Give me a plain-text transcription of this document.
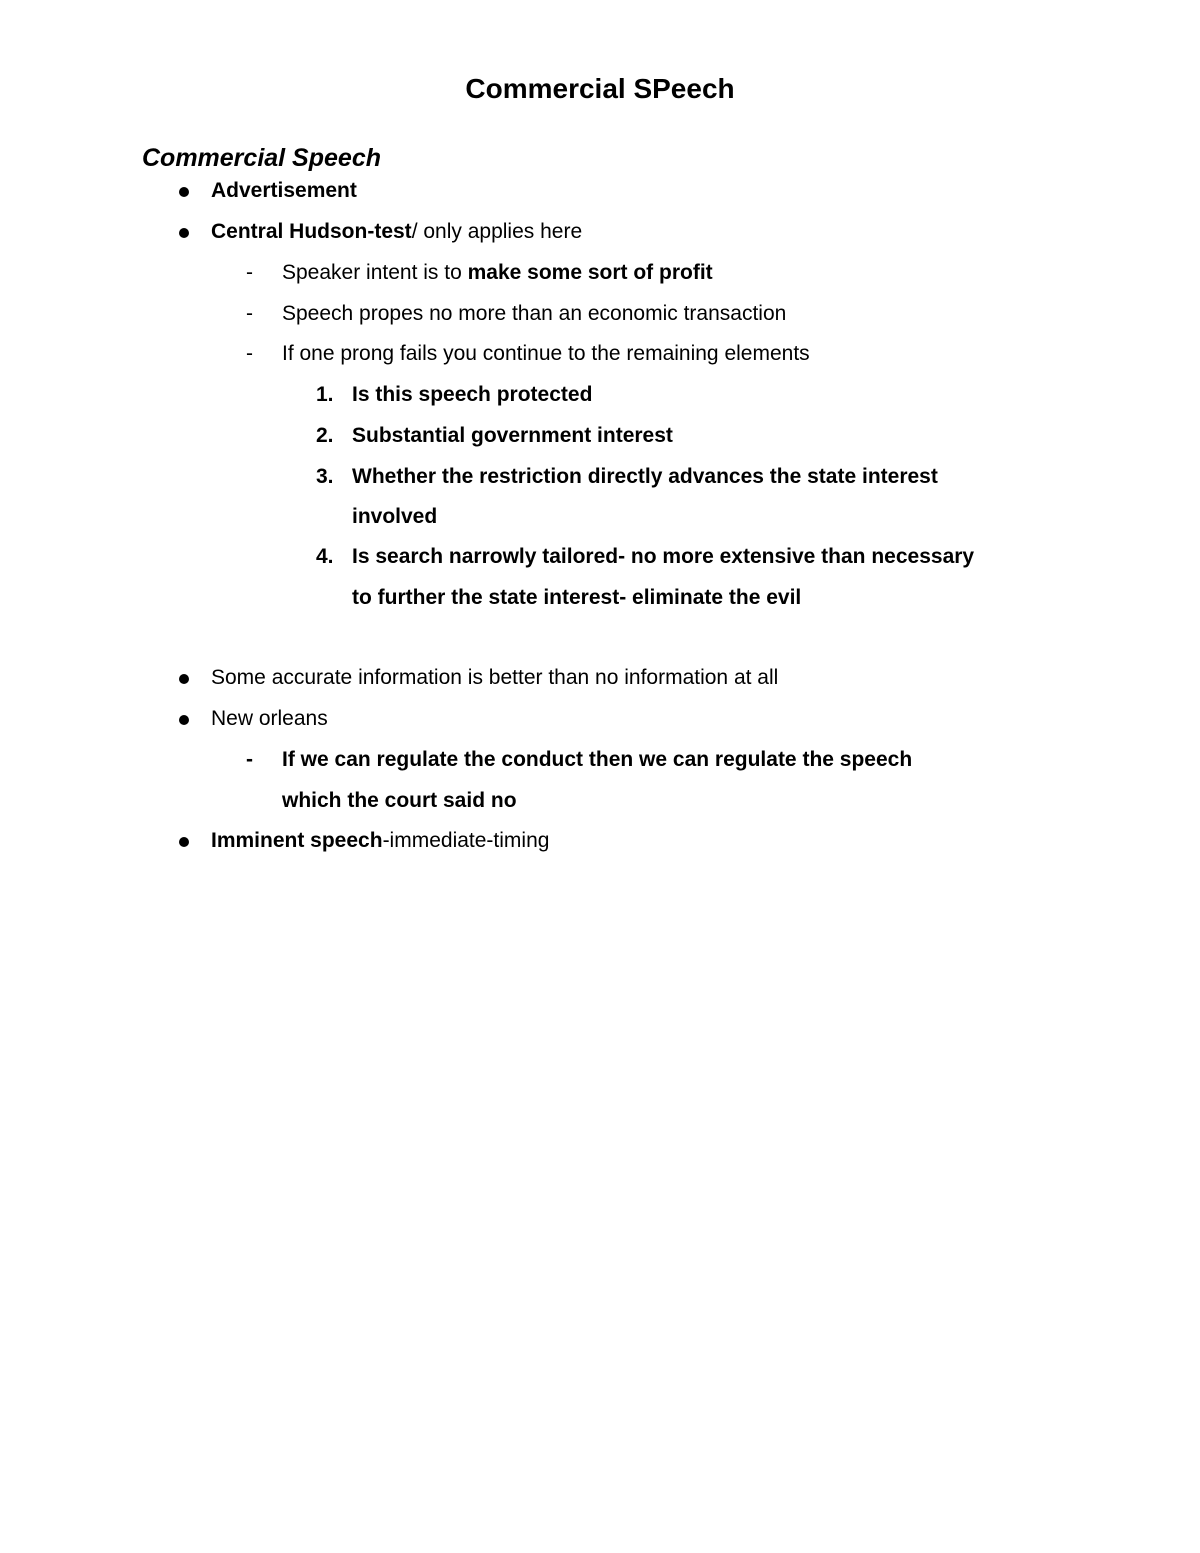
Commercial SPeech
Commercial Speech
Advertisement
Central Hudson-test/ only applies here
- Speaker intent is to make some sort of profit
- Speech propes no more than an economic transaction
- If one prong fails you continue to the remaining elements
1. Is this speech protected
2. Substantial government interest
3. Whether the restriction directly advances the state interest
involved
4. Is search narrowly tailored- no more extensive than necessary
to further the state interest- eliminate the evil
Some accurate information is better than no information at all
New orleans
- If we can regulate the conduct then we can regulate the speech
which the court said no
Imminent speech-immediate-timing
